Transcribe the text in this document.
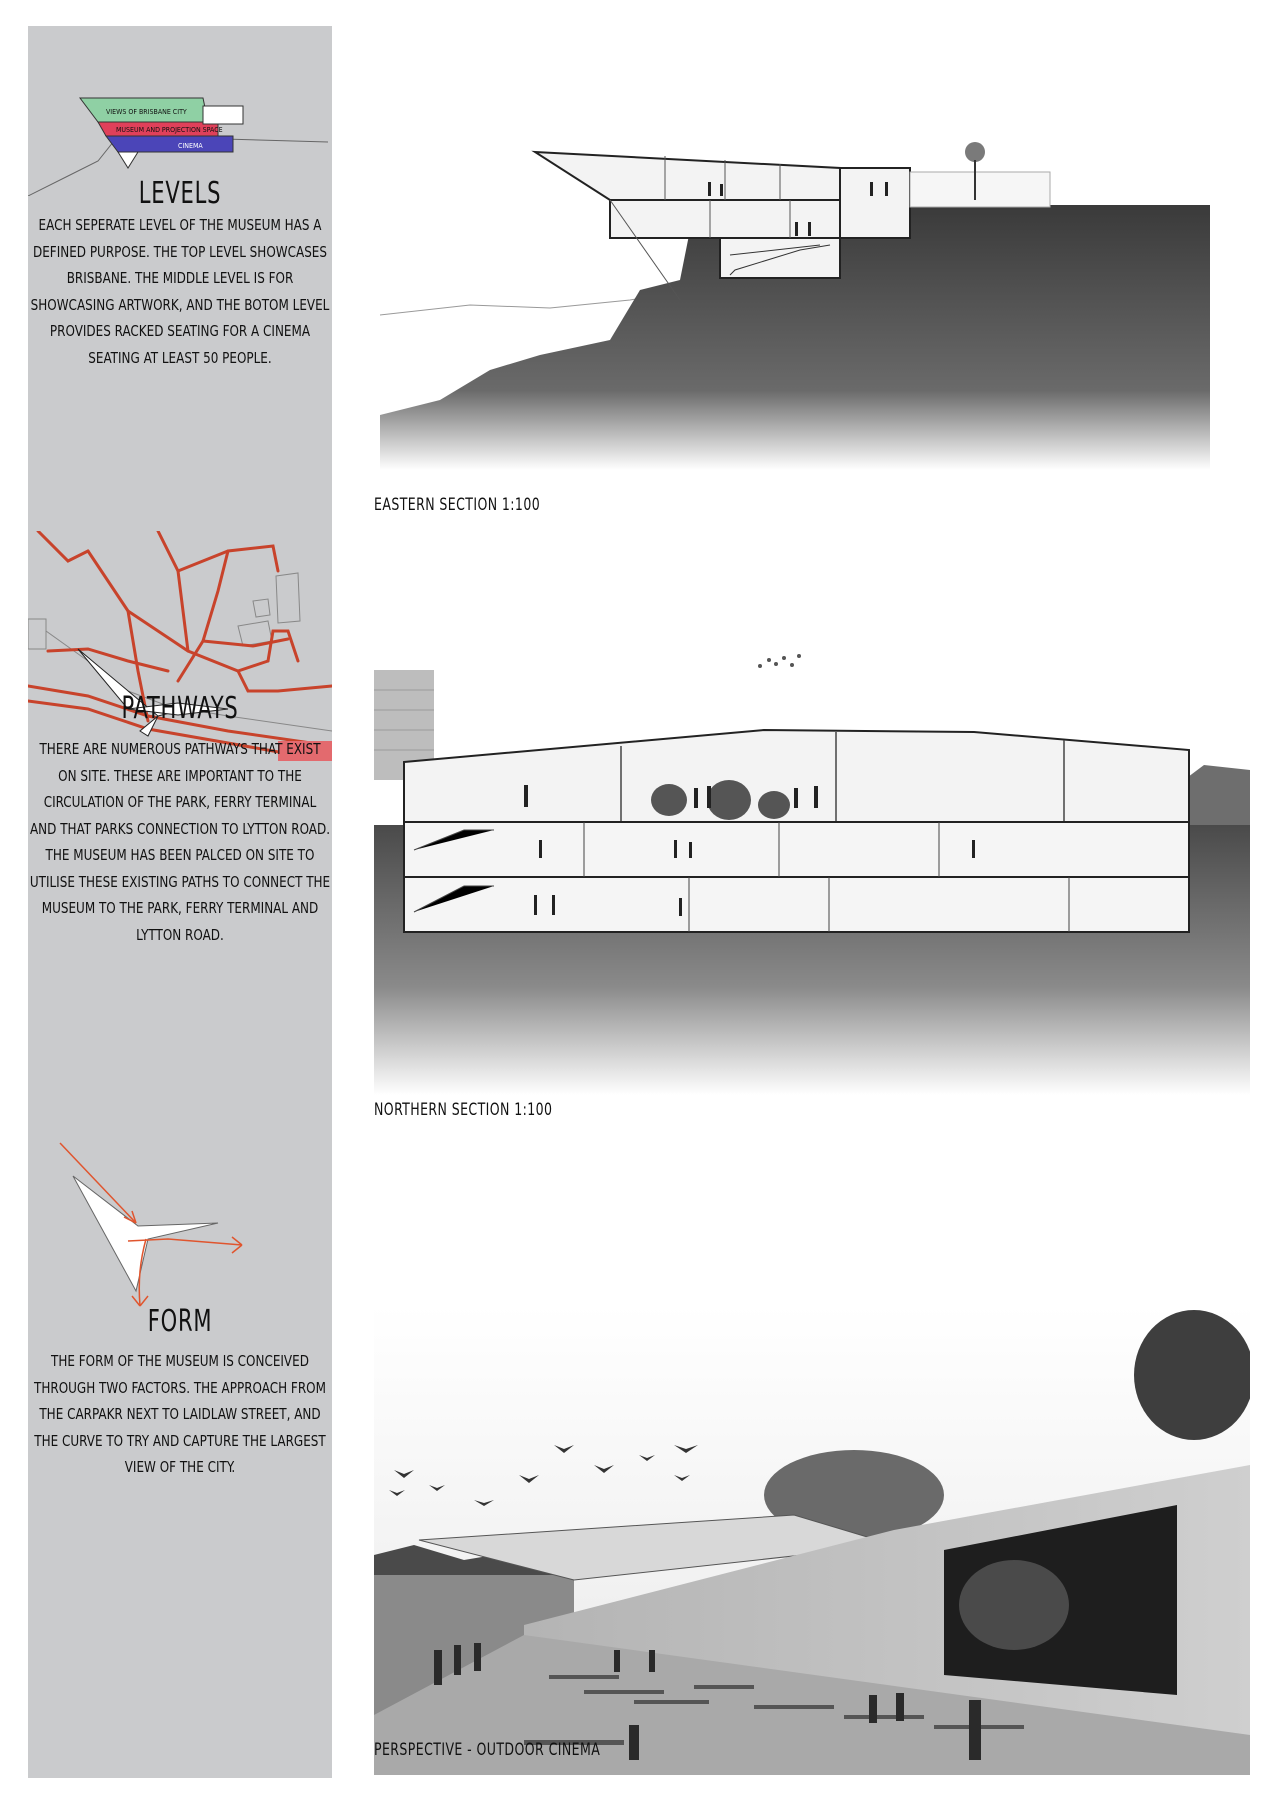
VIEWS OF BRISBANE CITY
MUSEUM AND PROJECTION SPACE
CINEMA
LEVELS
EACH SEPERATE LEVEL OF THE MUSEUM HAS A DEFINED PURPOSE. THE TOP LEVEL SHOWCASES BRISBANE. THE MIDDLE LEVEL IS FOR SHOWCASING ARTWORK, AND THE BOTOM LEVEL PROVIDES RACKED SEATING FOR A CINEMA SEATING AT LEAST 50 PEOPLE.
PATHWAYS
THERE ARE NUMEROUS PATHWAYS THAT EXIST ON SITE. THESE ARE IMPORTANT TO THE CIRCULATION OF THE PARK, FERRY TERMINAL AND THAT PARKS CONNECTION TO LYTTON ROAD. THE MUSEUM HAS BEEN PALCED ON SITE TO UTILISE THESE EXISTING PATHS TO CONNECT THE MUSEUM TO THE PARK, FERRY TERMINAL AND LYTTON ROAD.
FORM
THE FORM OF THE MUSEUM IS CONCEIVED THROUGH TWO FACTORS. THE APPROACH FROM THE CARPAKR NEXT TO LAIDLAW STREET, AND THE CURVE TO TRY AND CAPTURE THE LARGEST VIEW OF THE CITY.
EASTERN SECTION 1:100
NORTHERN SECTION 1:100
PERSPECTIVE - OUTDOOR CINEMA
